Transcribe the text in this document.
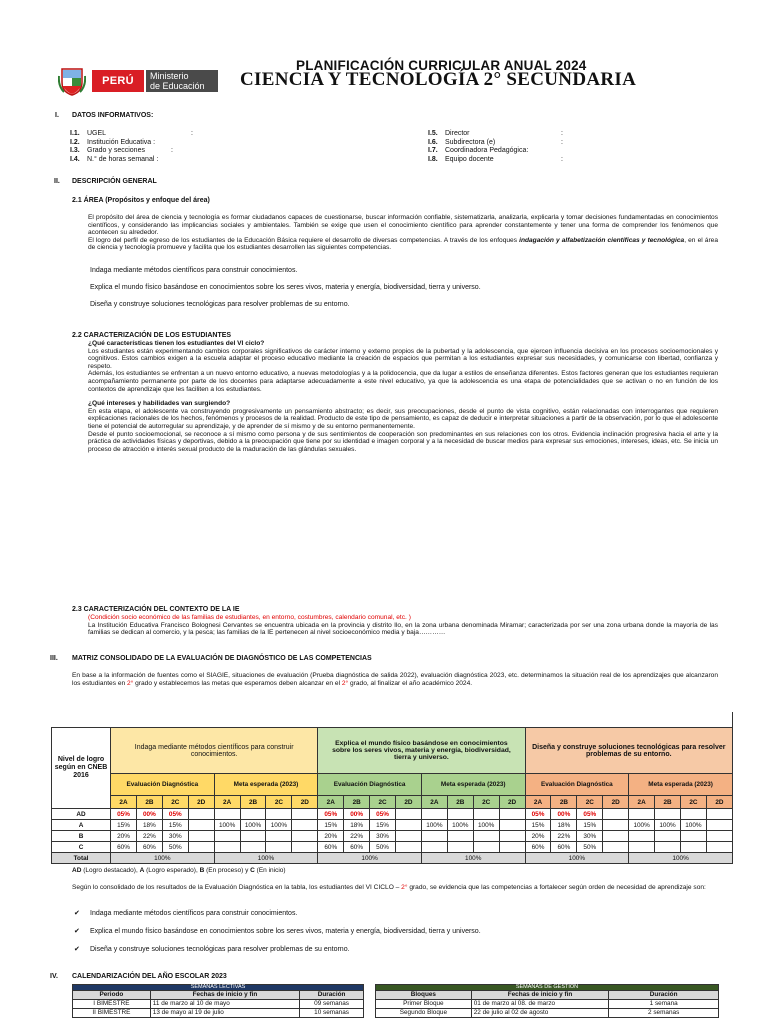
PERÚ	Ministerio
de Educación
PLANIFICACIÓN CURRICULAR ANUAL 2024
CIENCIA Y TECNOLOGÍA 2° SECUNDARIA
I. DATOS INFORMATIVOS:
I.1.	UGEL	:
I.2.	Institución Educativa :
I.3.	Grado y secciones	:
I.4.	N.° de horas semanal :
I.5.	Director	:
I.6.	Subdirectora (e)	:
I.7.	Coordinadora Pedagógica:
I.8.	Equipo docente	:
II. DESCRIPCIÓN GENERAL
2.1 ÁREA (Propósitos y enfoque del área)

El propósito del área de ciencia y tecnología es formar ciudadanos capaces de cuestionarse, buscar información confiable, sistematizarla, analizarla, explicarla y tomar decisiones fundamentadas en conocimientos científicos, y considerando las implicancias sociales y ambientales. También se exige que usen el conocimiento científico para aprender constantemente y tener una forma de comprender los fenómenos que acontecen su alrededor.

El logro del perfil de egreso de los estudiantes de la Educación Básica requiere el desarrollo de diversas competencias. A través de los enfoques indagación y alfabetización científicas y tecnológica, en el área de ciencia y tecnología promueve y facilita que los estudiantes desarrollen las siguientes competencias.

Indaga mediante métodos científicos para construir conocimientos.
Explica el mundo físico basándose en conocimientos sobre los seres vivos, materia y energía, biodiversidad, tierra y universo.
Diseña y construye soluciones tecnológicas para resolver problemas de su entorno.
2.2 CARACTERIZACIÓN DE LOS ESTUDIANTES

¿Qué características tienen los estudiantes del VI ciclo?

Los estudiantes están experimentando cambios corporales significativos de carácter interno y externo propios de la pubertad y la adolescencia, que ejercen influencia decisiva en los procesos socioemocionales y cognitivos. Estos cambios exigen a la escuela adaptar el proceso educativo mediante la creación de espacios que permitan a los estudiantes expresar sus necesidades, y comunicarse con libertad, confianza y respeto.

Además, los estudiantes se enfrentan a un nuevo entorno educativo, a nuevas metodologías y a la polidocencia, que da lugar a estilos de enseñanza diferentes. Estos factores generan que los estudiantes requieran acompañamiento permanente por parte de los docentes para adaptarse adecuadamente a este nivel educativo, ya que la adolescencia es una etapa de potencialidades que se activan o no en función de los contextos de aprendizaje que les faciliten a los estudiantes.

¿Qué intereses y habilidades van surgiendo?

En esta etapa, el adolescente va construyendo progresivamente un pensamiento abstracto; es decir, sus preocupaciones, desde el punto de vista cognitivo, están relacionadas con interrogantes que requieren explicaciones racionales de los hechos, fenómenos y procesos de la realidad. Producto de este tipo de pensamiento, es capaz de deducir e interpretar situaciones a partir de la observación, por lo que el adolescente tiene el potencial de autorregular su aprendizaje, y de aprender de sí mismo y de su entorno permanentemente.

Desde el punto socioemocional, se reconoce a sí mismo como persona y de sus sentimientos de cooperación son predominantes en sus relaciones con los otros. Evidencia inclinación progresiva hacia el arte y la práctica de actividades físicas y deportivas, debido a la preocupación que tiene por su identidad e imagen corporal y a la necesidad de buscar medios para expresar sus emociones, intereses, ideas, etc. Se inicia un proceso de atracción e interés sexual producto de la maduración de las glándulas sexuales.

2.3 CARACTERIZACIÓN DEL CONTEXTO DE LA IE

(Condición socio económico de las familias de estudiantes, en entorno, costumbres, calendario comunal, etc. )

La Institución Educativa Francisco Bolognesi Cervantes se encuentra ubicada en la provincia y distrito Ilo, en la zona urbana denominada Miramar; caracterizada por ser una zona urbana donde la mayoría de las familias se dedican al comercio, y la pesca; las familias de la IE pertenecen al nivel socioeconómico media y baja…………

III. MATRIZ CONSOLIDADO DE LA EVALUACIÓN DE DIAGNÓSTICO DE LAS COMPETENCIAS

En base a la información de fuentes como el SIAGIE, situaciones de evaluación (Prueba diagnóstica de salida 2022), evaluación diagnóstica 2023, etc. determinamos la situación real de los aprendizajes que alcanzaron los estudiantes en 2° grado y establecemos las metas que esperamos deben alcanzar en el 2° grado, al finalizar el año académico 2024.

Nivel de logro según en CNEB 2016	Indaga mediante métodos científicos para construir conocimientos.								Explica el mundo físico basándose en conocimientos sobre los seres vivos, materia y energía, biodiversidad, tierra y universo.								Diseña y construye soluciones tecnológicas para resolver problemas de su entorno.							
	Evaluación Diagnóstica				Meta esperada (2023)				Evaluación Diagnóstica				Meta esperada (2023)				Evaluación Diagnóstica				Meta esperada (2023)			
	2A	2B	2C	2D	2A	2B	2C	2D	2A	2B	2C	2D	2A	2B	2C	2D	2A	2B	2C	2D	2A	2B	2C	2D
AD	05%	00%	05%						05%	00%	05%						05%	00%	05%					
A	15%	18%	15%		100%	100%	100%		15%	18%	15%		100%	100%	100%		15%	18%	15%		100%	100%	100%	
B	20%	22%	30%						20%	22%	30%						20%	22%	30%					
C	60%	60%	50%						60%	60%	50%						60%	60%	50%					
Total	100%				100%				100%				100%				100%				100%			
AD (Logro destacado), A (Logro esperado), B (En proceso) y C (En inicio)

Según lo consolidado de los resultados de la Evaluación Diagnóstica en la tabla, los estudiantes del VI CICLO – 2° grado, se evidencia que las competencias a fortalecer según orden de necesidad de aprendizaje son:

✔	Indaga mediante métodos científicos para construir conocimientos.
✔	Explica el mundo físico basándose en conocimientos sobre los seres vivos, materia y energía, biodiversidad, tierra y universo.
✔	Diseña y construye soluciones tecnológicas para resolver problemas de su entorno.
IV. CALENDARIZACIÓN DEL AÑO ESCOLAR 2023
SEMANAS LECTIVAS		
Periodo	Fechas de inicio y fin	Duración
I BIMESTRE	11 de marzo al 10 de mayo	09 semanas
II BIMESTRE	13 de mayo al 19 de julio	10 semanas
SEMANAS DE GESTIÓN		
Bloques	Fechas de inicio y fin	Duración
Primer Bloque	01 de marzo al 08. de marzo	1 semana
Segundo Bloque	22 de julio al 02 de agosto	2 semanas
